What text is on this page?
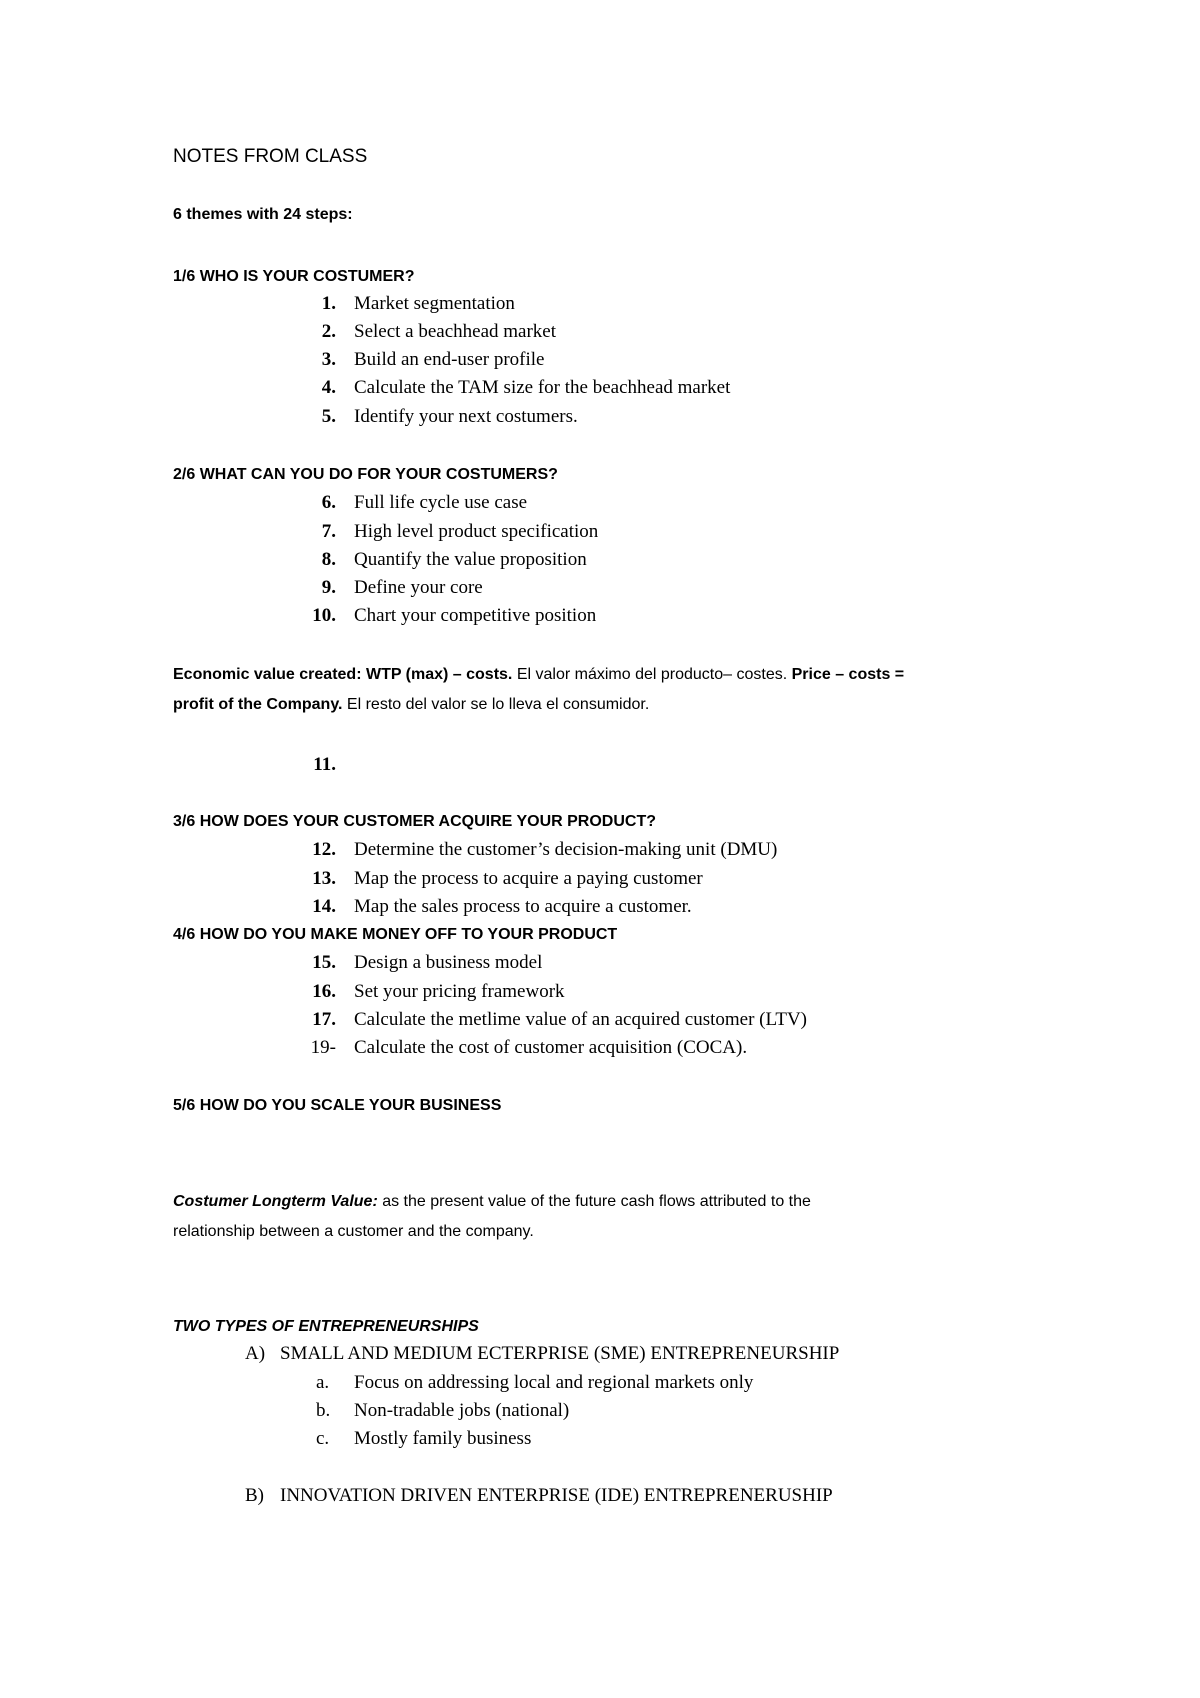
NOTES FROM CLASS
6 themes with 24 steps:
1/6 WHO IS YOUR COSTUMER?
1. Market segmentation
2. Select a beachhead market
3. Build an end-user profile
4. Calculate the TAM size for the beachhead market
5. Identify your next costumers.
2/6 WHAT CAN YOU DO FOR YOUR COSTUMERS?
6. Full life cycle use case
7. High level product specification
8. Quantify the value proposition
9. Define your core
10. Chart your competitive position
Economic value created: WTP (max) – costs. El valor máximo del producto– costes. Price – costs =
profit of the Company. El resto del valor se lo lleva el consumidor.
11.
3/6 HOW DOES YOUR CUSTOMER ACQUIRE YOUR PRODUCT?
12. Determine the customer’s decision-making unit (DMU)
13. Map the process to acquire a paying customer
14. Map the sales process to acquire a customer.
4/6 HOW DO YOU MAKE MONEY OFF TO YOUR PRODUCT
15. Design a business model
16. Set your pricing framework
17. Calculate the metlime value of an acquired customer (LTV)
19- Calculate the cost of customer acquisition (COCA).
5/6 HOW DO YOU SCALE YOUR BUSINESS
Costumer Longterm Value: as the present value of the future cash flows attributed to the
relationship between a customer and the company.
TWO TYPES OF ENTREPRENEURSHIPS
A) SMALL AND MEDIUM ECTERPRISE (SME) ENTREPRENEURSHIP
a. Focus on addressing local and regional markets only
b. Non-tradable jobs (national)
c. Mostly family business
B) INNOVATION DRIVEN ENTERPRISE (IDE) ENTREPRENERUSHIP
